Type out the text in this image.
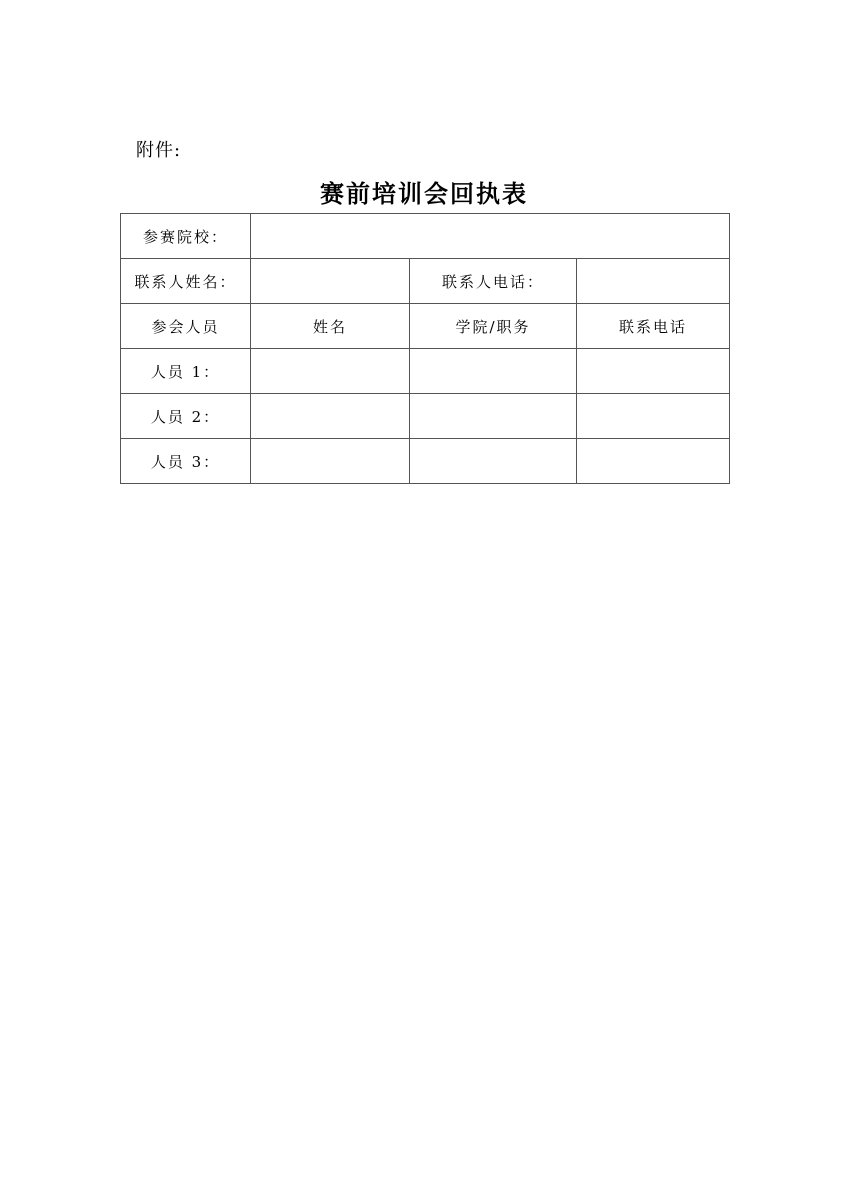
附件:
赛前培训会回执表
参赛院校：			
联系人姓名：		联系人电话：	
参会人员	姓名	学院/职务	联系电话
人员 1：			
人员 2：			
人员 3：			
